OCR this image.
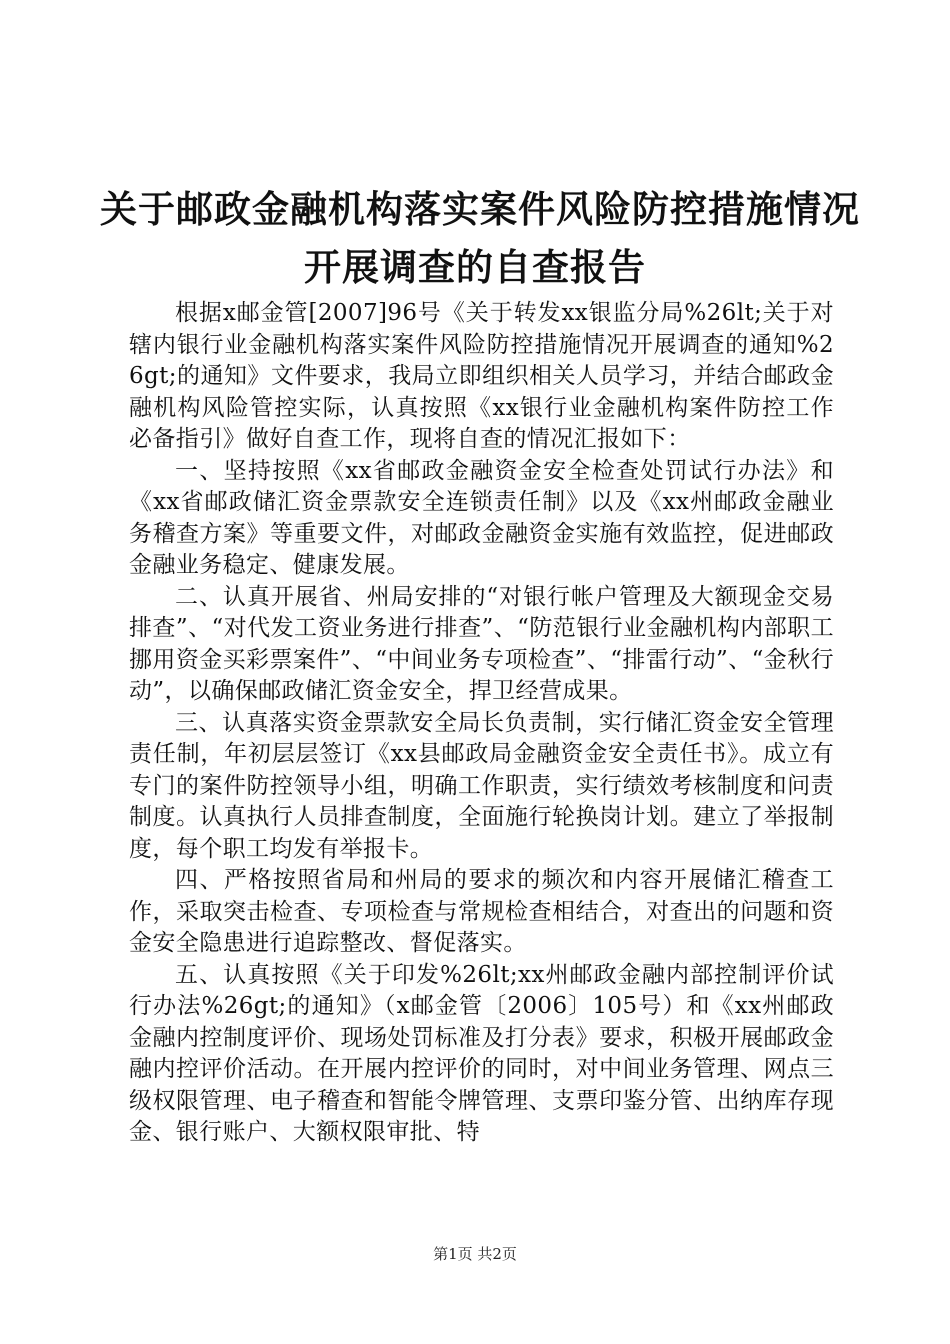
关于邮政金融机构落实案件风险防控措施情况
开展调查的自查报告

根据x邮金管[2007]96号《关于转发xx银监分局%26lt;关于对辖内银行业金融机构落实案件风险防控措施情况开展调查的通知%26gt;的通知》文件要求，我局立即组织相关人员学习，并结合邮政金融机构风险管控实际，认真按照《xx银行业金融机构案件防控工作必备指引》做好自查工作，现将自查的情况汇报如下：

一、坚持按照《xx省邮政金融资金安全检查处罚试行办法》和《xx省邮政储汇资金票款安全连锁责任制》以及《xx州邮政金融业务稽查方案》等重要文件，对邮政金融资金实施有效监控，促进邮政金融业务稳定、健康发展。

二、认真开展省、州局安排的“对银行帐户管理及大额现金交易排查”、“对代发工资业务进行排查”、“防范银行业金融机构内部职工挪用资金买彩票案件”、“中间业务专项检查”、“排雷行动”、“金秋行动”，以确保邮政储汇资金安全，捍卫经营成果。

三、认真落实资金票款安全局长负责制，实行储汇资金安全管理责任制，年初层层签订《xx县邮政局金融资金安全责任书》。成立有专门的案件防控领导小组，明确工作职责，实行绩效考核制度和问责制度。认真执行人员排查制度，全面施行轮换岗计划。建立了举报制度，每个职工均发有举报卡。

四、严格按照省局和州局的要求的频次和内容开展储汇稽查工作，采取突击检查、专项检查与常规检查相结合，对查出的问题和资金安全隐患进行追踪整改、督促落实。

五、认真按照《关于印发%26lt;xx州邮政金融内部控制评价试行办法%26gt;的通知》（x邮金管〔2006〕105号）和《xx州邮政金融内控制度评价、现场处罚标准及打分表》要求，积极开展邮政金融内控评价活动。在开展内控评价的同时，对中间业务管理、网点三级权限管理、电子稽查和智能令牌管理、支票印鉴分管、出纳库存现金、银行账户、大额权限审批、特

第1页 共2页
